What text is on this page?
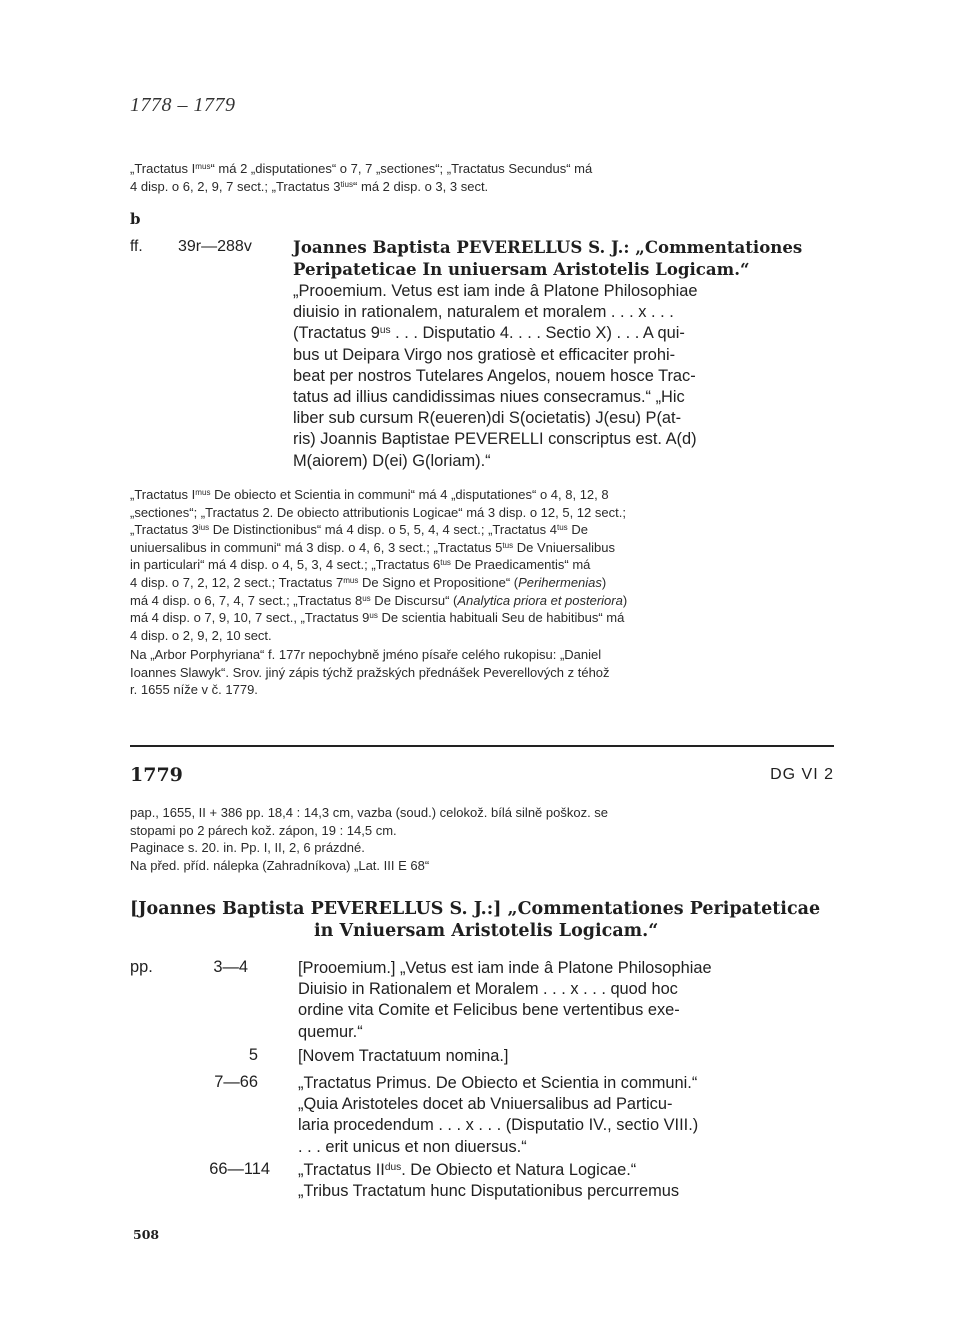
1778 – 1779
„Tractatus $I^{mus}“$ má 2 „disputationes“ o 7, 7 „sectiones“; „Tractatus Secundus“ má
4 disp. o 6, 2, 9, 7 sect.; „Tractatus $3^{tius}“$ má 2 disp. o 3, 3 sect.
b
ff. 39r—288v Joannes Baptista PEVERELLUS S. J.: „Commentationes
Peripateticae In uniuersam Aristotelis Logicam.“
„Prooemium. Vetus est iam inde â Platone Philosophiae
diuisio in rationalem, naturalem et moralem . . . x . . .
(Tractatus $9^{us}$ . . . Disputatio 4. . . . Sectio X) . . . A qui-
bus ut Deipara Virgo nos gratiosè et efficaciter prohi-
beat per nostros Tutelares Angelos, nouem hosce Trac-
tatus ad illius candidissimas niues consecramus.“ „Hic
liber sub cursum R(eueren)di S(ocietatis) J(esu) P(at-
ris) Joannis Baptistae PEVERELLI conscriptus est. A(d)
M(aiorem) D(ei) G(loriam).“
„Tractatus $I^{mus}$ De obiecto et Scientia in communi“ má 4 „disputationes“ o 4, 8, 12, 8
„sectiones“; „Tractatus 2. De obiecto attributionis Logicae“ má 3 disp. o 12, 5, 12 sect.;
„Tractatus $3^{ius}$ De Distinctionibus“ má 4 disp. o 5, 5, 4, 4 sect.; „Tractatus $4^{tus}$ De
uniuersalibus in communi“ má 3 disp. o 4, 6, 3 sect.; „Tractatus $5^{tus}$ De Vniuersalibus
in particulari“ má 4 disp. o 4, 5, 3, 4 sect.; „Tractatus $6^{tus}$ De Praedicamentis“ má
4 disp. o 7, 2, 12, 2 sect.; Tractatus $7^{mus}$ De Signo et Propositione“ (Perihermenias)
má 4 disp. o 6, 7, 4, 7 sect.; „Tractatus $8^{us}$ De Discursu“ (Analytica priora et posteriora)
má 4 disp. o 7, 9, 10, 7 sect., „Tractatus $9^{us}$ De scientia habituali Seu de habitibus“ má
4 disp. o 2, 9, 2, 10 sect.
Na „Arbor Porphyriana“ f. 177r nepochybně jméno písaře celého rukopisu: „Daniel
Ioannes Slawyk“. Srov. jiný zápis týchž pražských přednášek Peverellových z téhož
r. 1655 níže v č. 1779.
1779	DG VI 2
pap., 1655, II + 386 pp. 18,4 : 14,3 cm, vazba (soud.) celokož. bílá silně poškoz. se
stopami po 2 párech kož. zápon, 19 : 14,5 cm.
Paginace s. 20. in. Pp. I, II, 2, 6 prázdné.
Na před. příd. nálepka (Zahradníkova) „Lat. III E 68“
[Joannes Baptista PEVERELLUS S. J.:] „Commentationes Peripateticae
in Vniuersam Aristotelis Logicam.“
pp.	3—4	[Prooemium.] „Vetus est iam inde â Platone Philosophiae
Diuisio in Rationalem et Moralem . . . x . . . quod hoc
ordine vita Comite et Felicibus bene vertentibus exe-
quemur.“
5 [Novem Tractatuum nomina.]
7—66 „Tractatus Primus. De Obiecto et Scientia in communi.“
„Quia Aristoteles docet ab Vniuersalibus ad Particu-
laria procedendum . . . x . . . (Disputatio IV., sectio VIII.)
. . . erit unicus et non diuersus.“
66—114 „Tractatus $II^{dus}$. De Obiecto et Natura Logicae.“
„Tribus Tractatum hunc Disputationibus percurremus
508
